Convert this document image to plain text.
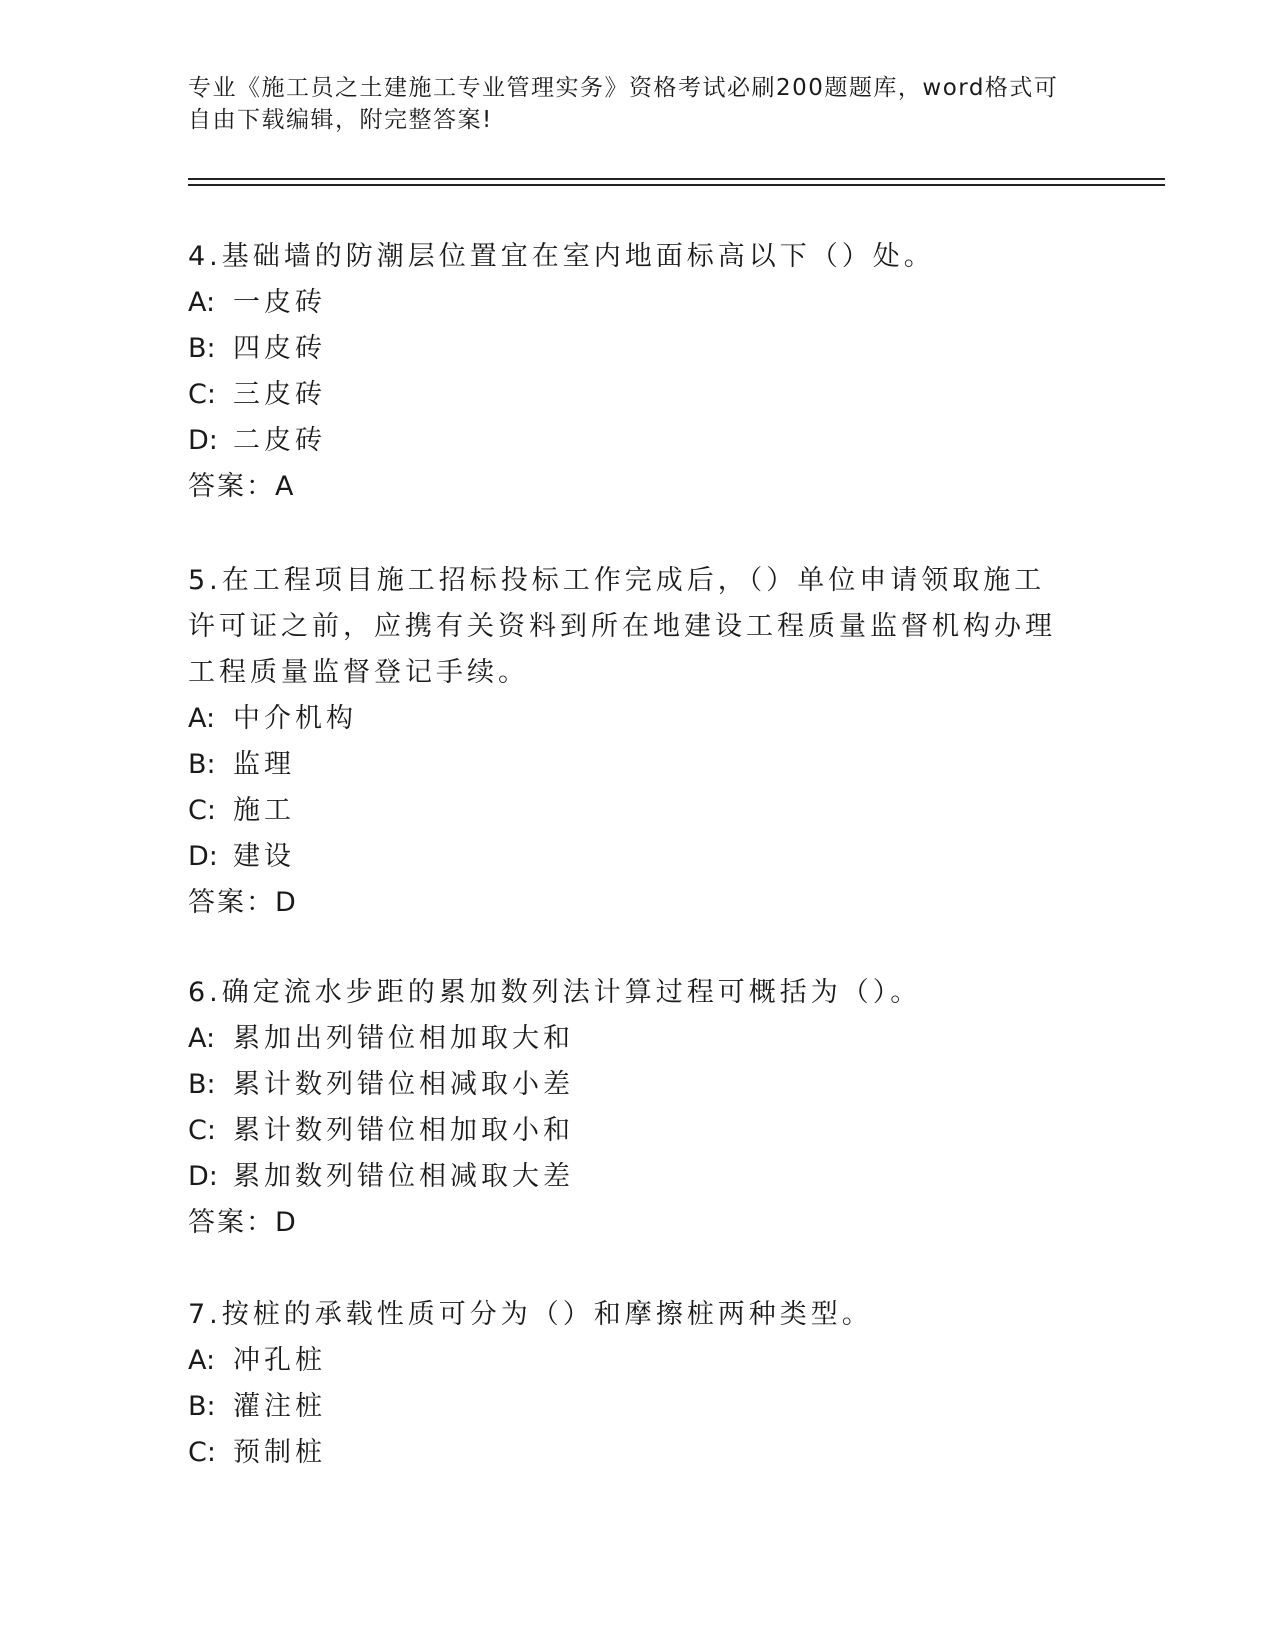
专业《施工员之土建施工专业管理实务》资格考试必刷200题题库，word格式可自由下载编辑，附完整答案!
4.基础墙的防潮层位置宜在室内地面标高以下（）处。
A: 一皮砖
B: 四皮砖
C: 三皮砖
D: 二皮砖
答案：A
5.在工程项目施工招标投标工作完成后，（）单位申请领取施工许可证之前，应携有关资料到所在地建设工程质量监督机构办理工程质量监督登记手续。
A: 中介机构
B: 监理
C: 施工
D: 建设
答案：D
6.确定流水步距的累加数列法计算过程可概括为（）。
A: 累加出列错位相加取大和
B: 累计数列错位相减取小差
C: 累计数列错位相加取小和
D: 累加数列错位相减取大差
答案：D
7.按桩的承载性质可分为（）和摩擦桩两种类型。
A: 冲孔桩
B: 灌注桩
C: 预制桩
